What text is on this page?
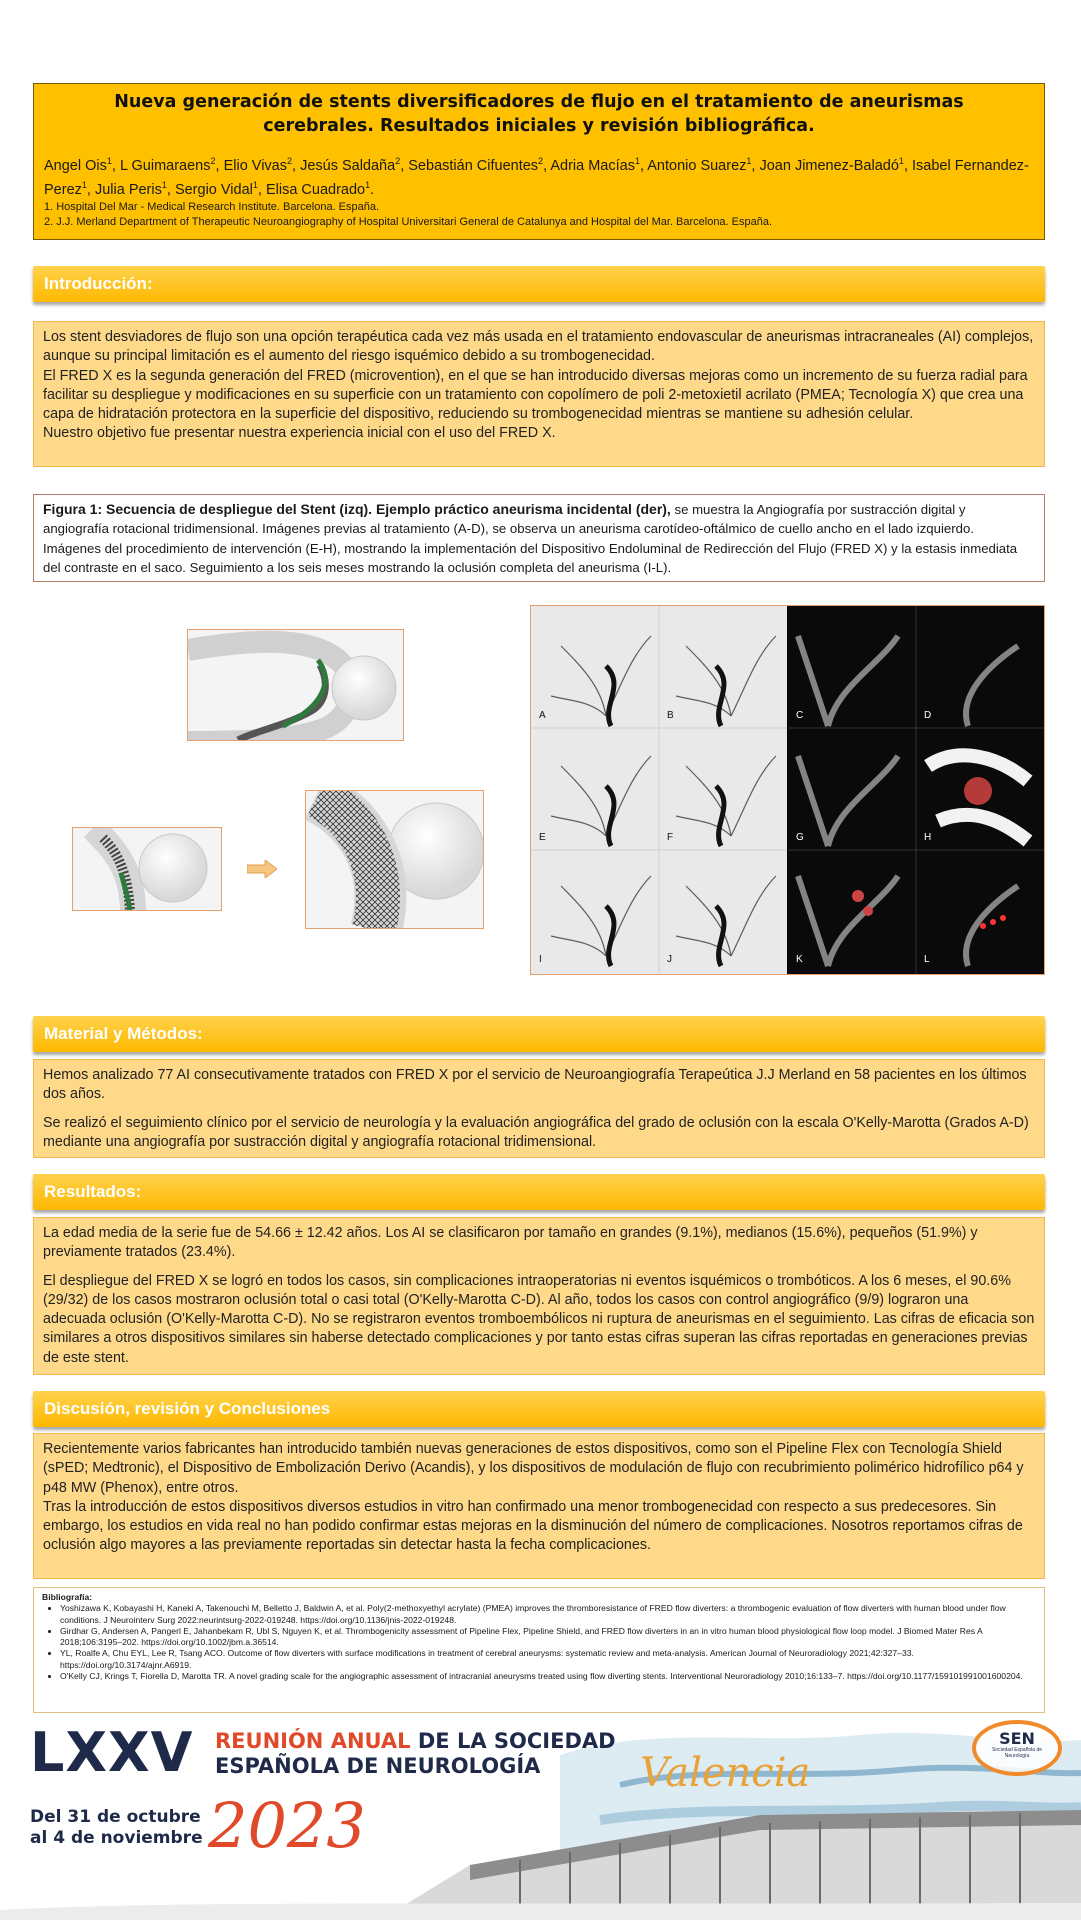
Nueva generación de stents diversificadores de flujo en el tratamiento de aneurismas cerebrales. Resultados iniciales y revisión bibliográfica.
Angel Ois$^1$, L Guimaraens$^2$, Elio Vivas$^2$, Jesús Saldaña$^2$, Sebastián Cifuentes$^2$, Adria Macías$^1$, Antonio Suarez$^1$, Joan Jimenez-Baladó$^1$, Isabel Fernandez-Perez$^1$, Julia Peris$^1$, Sergio Vidal$^1$, Elisa Cuadrado$^1$.
1. Hospital Del Mar - Medical Research Institute. Barcelona. España.
2. J.J. Merland Department of Therapeutic Neuroangiography of Hospital Universitari General de Catalunya and Hospital del Mar. Barcelona. España.
Introducción:

Los stent desviadores de flujo son una opción terapéutica cada vez más usada en el tratamiento endovascular de aneurismas intracraneales (AI) complejos, aunque su principal limitación es el aumento del riesgo isquémico debido a su trombogenecidad.

El FRED X es la segunda generación del FRED (microvention), en el que se han introducido diversas mejoras como un incremento de su fuerza radial para facilitar su despliegue y modificaciones en su superficie con un tratamiento con copolímero de poli 2-metoxietil acrilato (PMEA; Tecnología X) que crea una capa de hidratación protectora en la superficie del dispositivo, reduciendo su trombogenecidad mientras se mantiene su adhesión celular.

Nuestro objetivo fue presentar nuestra experiencia inicial con el uso del FRED X.

Figura 1: Secuencia de despliegue del Stent (izq). Ejemplo práctico aneurisma incidental (der), se muestra la Angiografía por sustracción digital y angiografía rotacional tridimensional. Imágenes previas al tratamiento (A-D), se observa un aneurisma carotídeo-oftálmico de cuello ancho en el lado izquierdo. Imágenes del procedimiento de intervención (E-H), mostrando la implementación del Dispositivo Endoluminal de Redirección del Flujo (FRED X) y la estasis inmediata del contraste en el saco. Seguimiento a los seis meses mostrando la oclusión completa del aneurisma (I-L).
A	B	C	D
E	F	G	H
I	J	K	L
Material y Métodos:

Hemos analizado 77 AI consecutivamente tratados con FRED X por el servicio de Neuroangiografía Terapeútica J.J Merland en 58 pacientes en los últimos dos años.

Se realizó el seguimiento clínico por el servicio de neurología y la evaluación angiográfica del grado de oclusión con la escala O'Kelly-Marotta (Grados A-D) mediante una angiografía por sustracción digital y angiografía rotacional tridimensional.

Resultados:

La edad media de la serie fue de 54.66 ± 12.42 años. Los AI se clasificaron por tamaño en grandes (9.1%), medianos (15.6%), pequeños (51.9%) y previamente tratados (23.4%).

El despliegue del FRED X se logró en todos los casos, sin complicaciones intraoperatorias ni eventos isquémicos o trombóticos. A los 6 meses, el 90.6% (29/32) de los casos mostraron oclusión total o casi total (O'Kelly-Marotta C-D). Al año, todos los casos con control angiográfico (9/9) lograron una adecuada oclusión (O'Kelly-Marotta C-D). No se registraron eventos tromboembólicos ni ruptura de aneurismas en el seguimiento. Las cifras de eficacia son similares a otros dispositivos similares sin haberse detectado complicaciones y por tanto estas cifras superan las cifras reportadas en generaciones previas de este stent.

Discusión, revisión y Conclusiones

Recientemente varios fabricantes han introducido también nuevas generaciones de estos dispositivos, como son el Pipeline Flex con Tecnología Shield (sPED; Medtronic), el Dispositivo de Embolización Derivo (Acandis), y los dispositivos de modulación de flujo con recubrimiento polimérico hidrofílico p64 y p48 MW (Phenox), entre otros.

Tras la introducción de estos dispositivos diversos estudios in vitro han confirmado una menor trombogenecidad con respecto a sus predecesores. Sin embargo, los estudios en vida real no han podido confirmar estas mejoras en la disminución del número de complicaciones. Nosotros reportamos cifras de oclusión algo mayores a las previamente reportadas sin detectar hasta la fecha complicaciones.

Bibliografía:
• Yoshizawa K, Kobayashi H, Kaneki A, Takenouchi M, Belletto J, Baldwin A, et al. Poly(2-methoxyethyl acrylate) (PMEA) improves the thromboresistance of FRED flow diverters: a thrombogenic evaluation of flow diverters with human blood under flow conditions. J Neurointerv Surg 2022:neurintsurg-2022-019248. https://doi.org/10.1136/jnis-2022-019248.
• Girdhar G, Andersen A, Pangerl E, Jahanbekam R, Ubl S, Nguyen K, et al. Thrombogenicity assessment of Pipeline Flex, Pipeline Shield, and FRED flow diverters in an in vitro human blood physiological flow loop model. J Biomed Mater Res A 2018;106:3195–202. https://doi.org/10.1002/jbm.a.36514.
• YL, Roalfe A, Chu EYL, Lee R, Tsang ACO. Outcome of flow diverters with surface modifications in treatment of cerebral aneurysms: systematic review and meta-analysis. American Journal of Neuroradiology 2021;42:327–33. https://doi.org/10.3174/ajnr.A6919.
• O'Kelly CJ, Krings T, Fiorella D, Marotta TR. A novel grading scale for the angiographic assessment of intracranial aneurysms treated using flow diverting stents. Interventional Neuroradiology 2010;16:133–7. https://doi.org/10.1177/159101991001600204.
LXXV REUNIÓN ANUAL DE LA SOCIEDAD
ESPAÑOLA DE NEUROLOGÍA	Valencia
Del 31 de octubre
al 4 de noviembre 2023
SEN
Sociedad Española de Neurología
